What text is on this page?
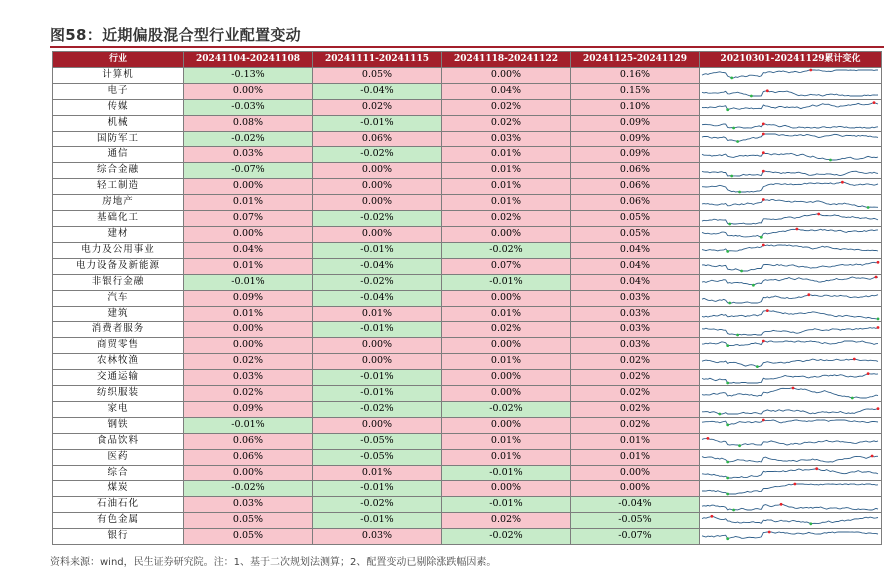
图58：近期偏股混合型行业配置变动
行业	20241104-20241108	20241111-20241115	20241118-20241122	20241125-20241129	20210301-20241129累计变化
计算机	-0.13%	0.05%	0.00%	0.16%	

电子	0.00%	-0.04%	0.04%	0.15%	

传媒	-0.03%	0.02%	0.02%	0.10%	

机械	0.08%	-0.01%	0.02%	0.09%	

国防军工	-0.02%	0.06%	0.03%	0.09%	

通信	0.03%	-0.02%	0.01%	0.09%	

综合金融	-0.07%	0.00%	0.01%	0.06%	

轻工制造	0.00%	0.00%	0.01%	0.06%	

房地产	0.01%	0.00%	0.01%	0.06%	

基础化工	0.07%	-0.02%	0.02%	0.05%	

建材	0.00%	0.00%	0.00%	0.05%	

电力及公用事业	0.04%	-0.01%	-0.02%	0.04%	

电力设备及新能源	0.01%	-0.04%	0.07%	0.04%	

非银行金融	-0.01%	-0.02%	-0.01%	0.04%	

汽车	0.09%	-0.04%	0.00%	0.03%	

建筑	0.01%	0.01%	0.01%	0.03%	

消费者服务	0.00%	-0.01%	0.02%	0.03%	

商贸零售	0.00%	0.00%	0.00%	0.03%	

农林牧渔	0.02%	0.00%	0.01%	0.02%	

交通运输	0.03%	-0.01%	0.00%	0.02%	

纺织服装	0.02%	-0.01%	0.00%	0.02%	

家电	0.09%	-0.02%	-0.02%	0.02%	

钢铁	-0.01%	0.00%	0.00%	0.02%	

食品饮料	0.06%	-0.05%	0.01%	0.01%	

医药	0.06%	-0.05%	0.01%	0.01%	

综合	0.00%	0.01%	-0.01%	0.00%	

煤炭	-0.02%	-0.01%	0.00%	0.00%	

石油石化	0.03%	-0.02%	-0.01%	-0.04%	

有色金属	0.05%	-0.01%	0.02%	-0.05%	

银行	0.05%	0.03%	-0.02%	-0.07%	
资料来源：wind，民生证券研究院。注：1、基于二次规划法测算；2、配置变动已剔除涨跌幅因素。
